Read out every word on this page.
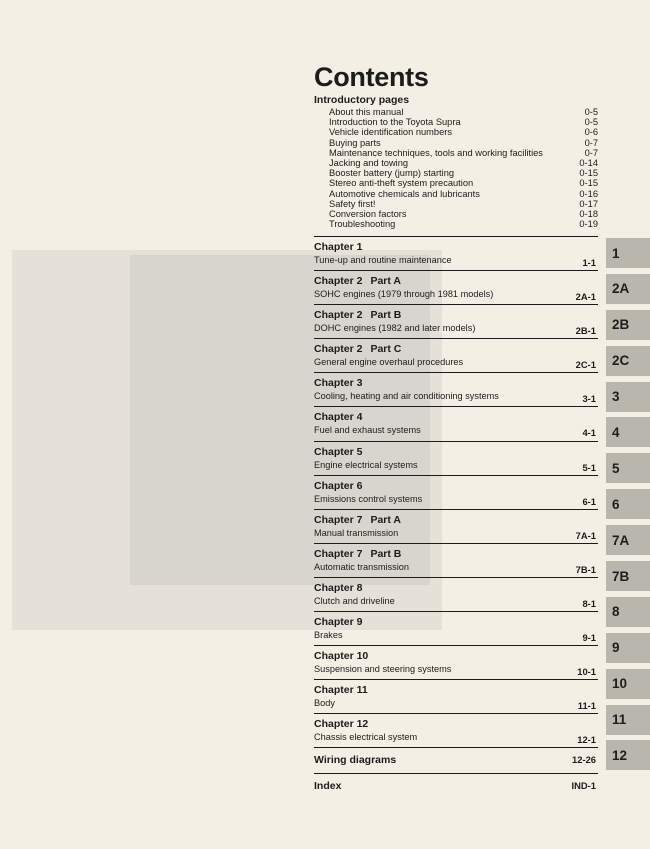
Contents
Introductory pages
About this manual	0-5
Introduction to the Toyota Supra	0-5
Vehicle identification numbers	0-6
Buying parts	0-7
Maintenance techniques, tools and working facilities	0-7
Jacking and towing	0-14
Booster battery (jump) starting	0-15
Stereo anti-theft system precaution	0-15
Automotive chemicals and lubricants	0-16
Safety first!	0-17
Conversion factors	0-18
Troubleshooting	0-19
Chapter 1
Tune-up and routine maintenance	1-1
Chapter 2 Part A
SOHC engines (1979 through 1981 models)	2A-1
Chapter 2 Part B
DOHC engines (1982 and later models)	2B-1
Chapter 2 Part C
General engine overhaul procedures	2C-1
Chapter 3
Cooling, heating and air conditioning systems	3-1
Chapter 4
Fuel and exhaust systems	4-1
Chapter 5
Engine electrical systems	5-1
Chapter 6
Emissions control systems	6-1
Chapter 7 Part A
Manual transmission	7A-1
Chapter 7 Part B
Automatic transmission	7B-1
Chapter 8
Clutch and driveline	8-1
Chapter 9
Brakes	9-1
Chapter 10
Suspension and steering systems	10-1
Chapter 11
Body	11-1
Chapter 12
Chassis electrical system	12-1
Wiring diagrams	12-26
Index	IND-1
1
2A
2B
2C
3
4
5
6
7A
7B
8
9
10
11
12
